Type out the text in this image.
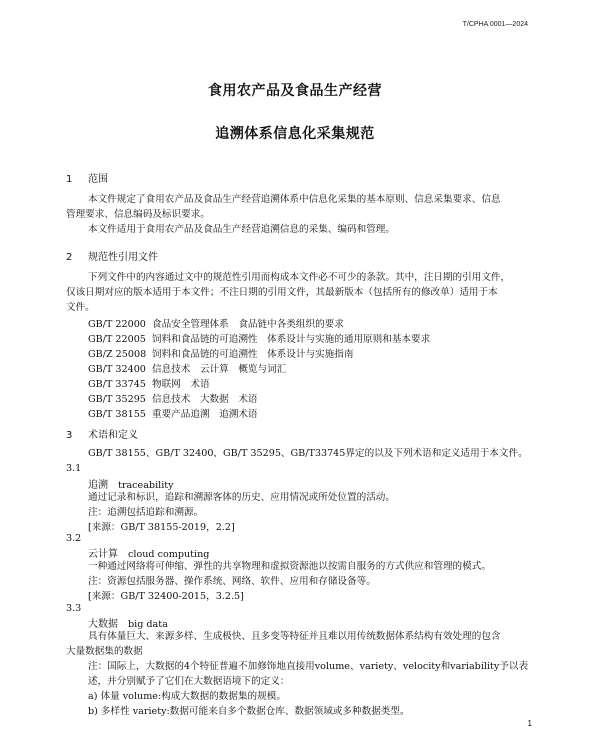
T/CPHA 0001—2024
食用农产品及食品生产经营
追溯体系信息化采集规范
1 范围
本文件规定了食用农产品及食品生产经营追溯体系中信息化采集的基本原则、信息采集要求、信息
管理要求、信息编码及标识要求。
本文件适用于食用农产品及食品生产经营追溯信息的采集、编码和管理。
2 规范性引用文件
下列文件中的内容通过文中的规范性引用而构成本文件必不可少的条款。其中，注日期的引用文件，
仅该日期对应的版本适用于本文件；不注日期的引用文件，其最新版本（包括所有的修改单）适用于本
文件。
GB/T 22000 食品安全管理体系　食品链中各类组织的要求
GB/T 22005 饲料和食品链的可追溯性　体系设计与实施的通用原则和基本要求
GB/Z 25008 饲料和食品链的可追溯性　体系设计与实施指南
GB/T 32400 信息技术　云计算　概览与词汇
GB/T 33745 物联网　术语
GB/T 35295 信息技术　大数据　术语
GB/T 38155 重要产品追溯　追溯术语
3 术语和定义
GB/T 38155、GB/T 32400、GB/T 35295、GB/T33745界定的以及下列术语和定义适用于本文件。
3.1
追溯 traceability
通过记录和标识，追踪和溯源客体的历史、应用情况或所处位置的活动。
注：追溯包括追踪和溯源。
[来源：GB/T 38155-2019，2.2]
3.2
云计算 cloud computing
一种通过网络将可伸缩、弹性的共享物理和虚拟资源池以按需自服务的方式供应和管理的模式。
注：资源包括服务器、操作系统、网络、软件、应用和存储设备等。
[来源：GB/T 32400-2015，3.2.5]
3.3
大数据 big data
具有体量巨大、来源多样、生成极快、且多变等特征并且难以用传统数据体系结构有效处理的包含
大量数据集的数据
注：国际上，大数据的4个特征普遍不加修饰地直接用volume、variety、velocity和variability予以表
述，并分别赋予了它们在大数据语境下的定义：
a) 体量 volume:构成大数据的数据集的规模。
b) 多样性 variety:数据可能来自多个数据仓库、数据领域或多种数据类型。
1
